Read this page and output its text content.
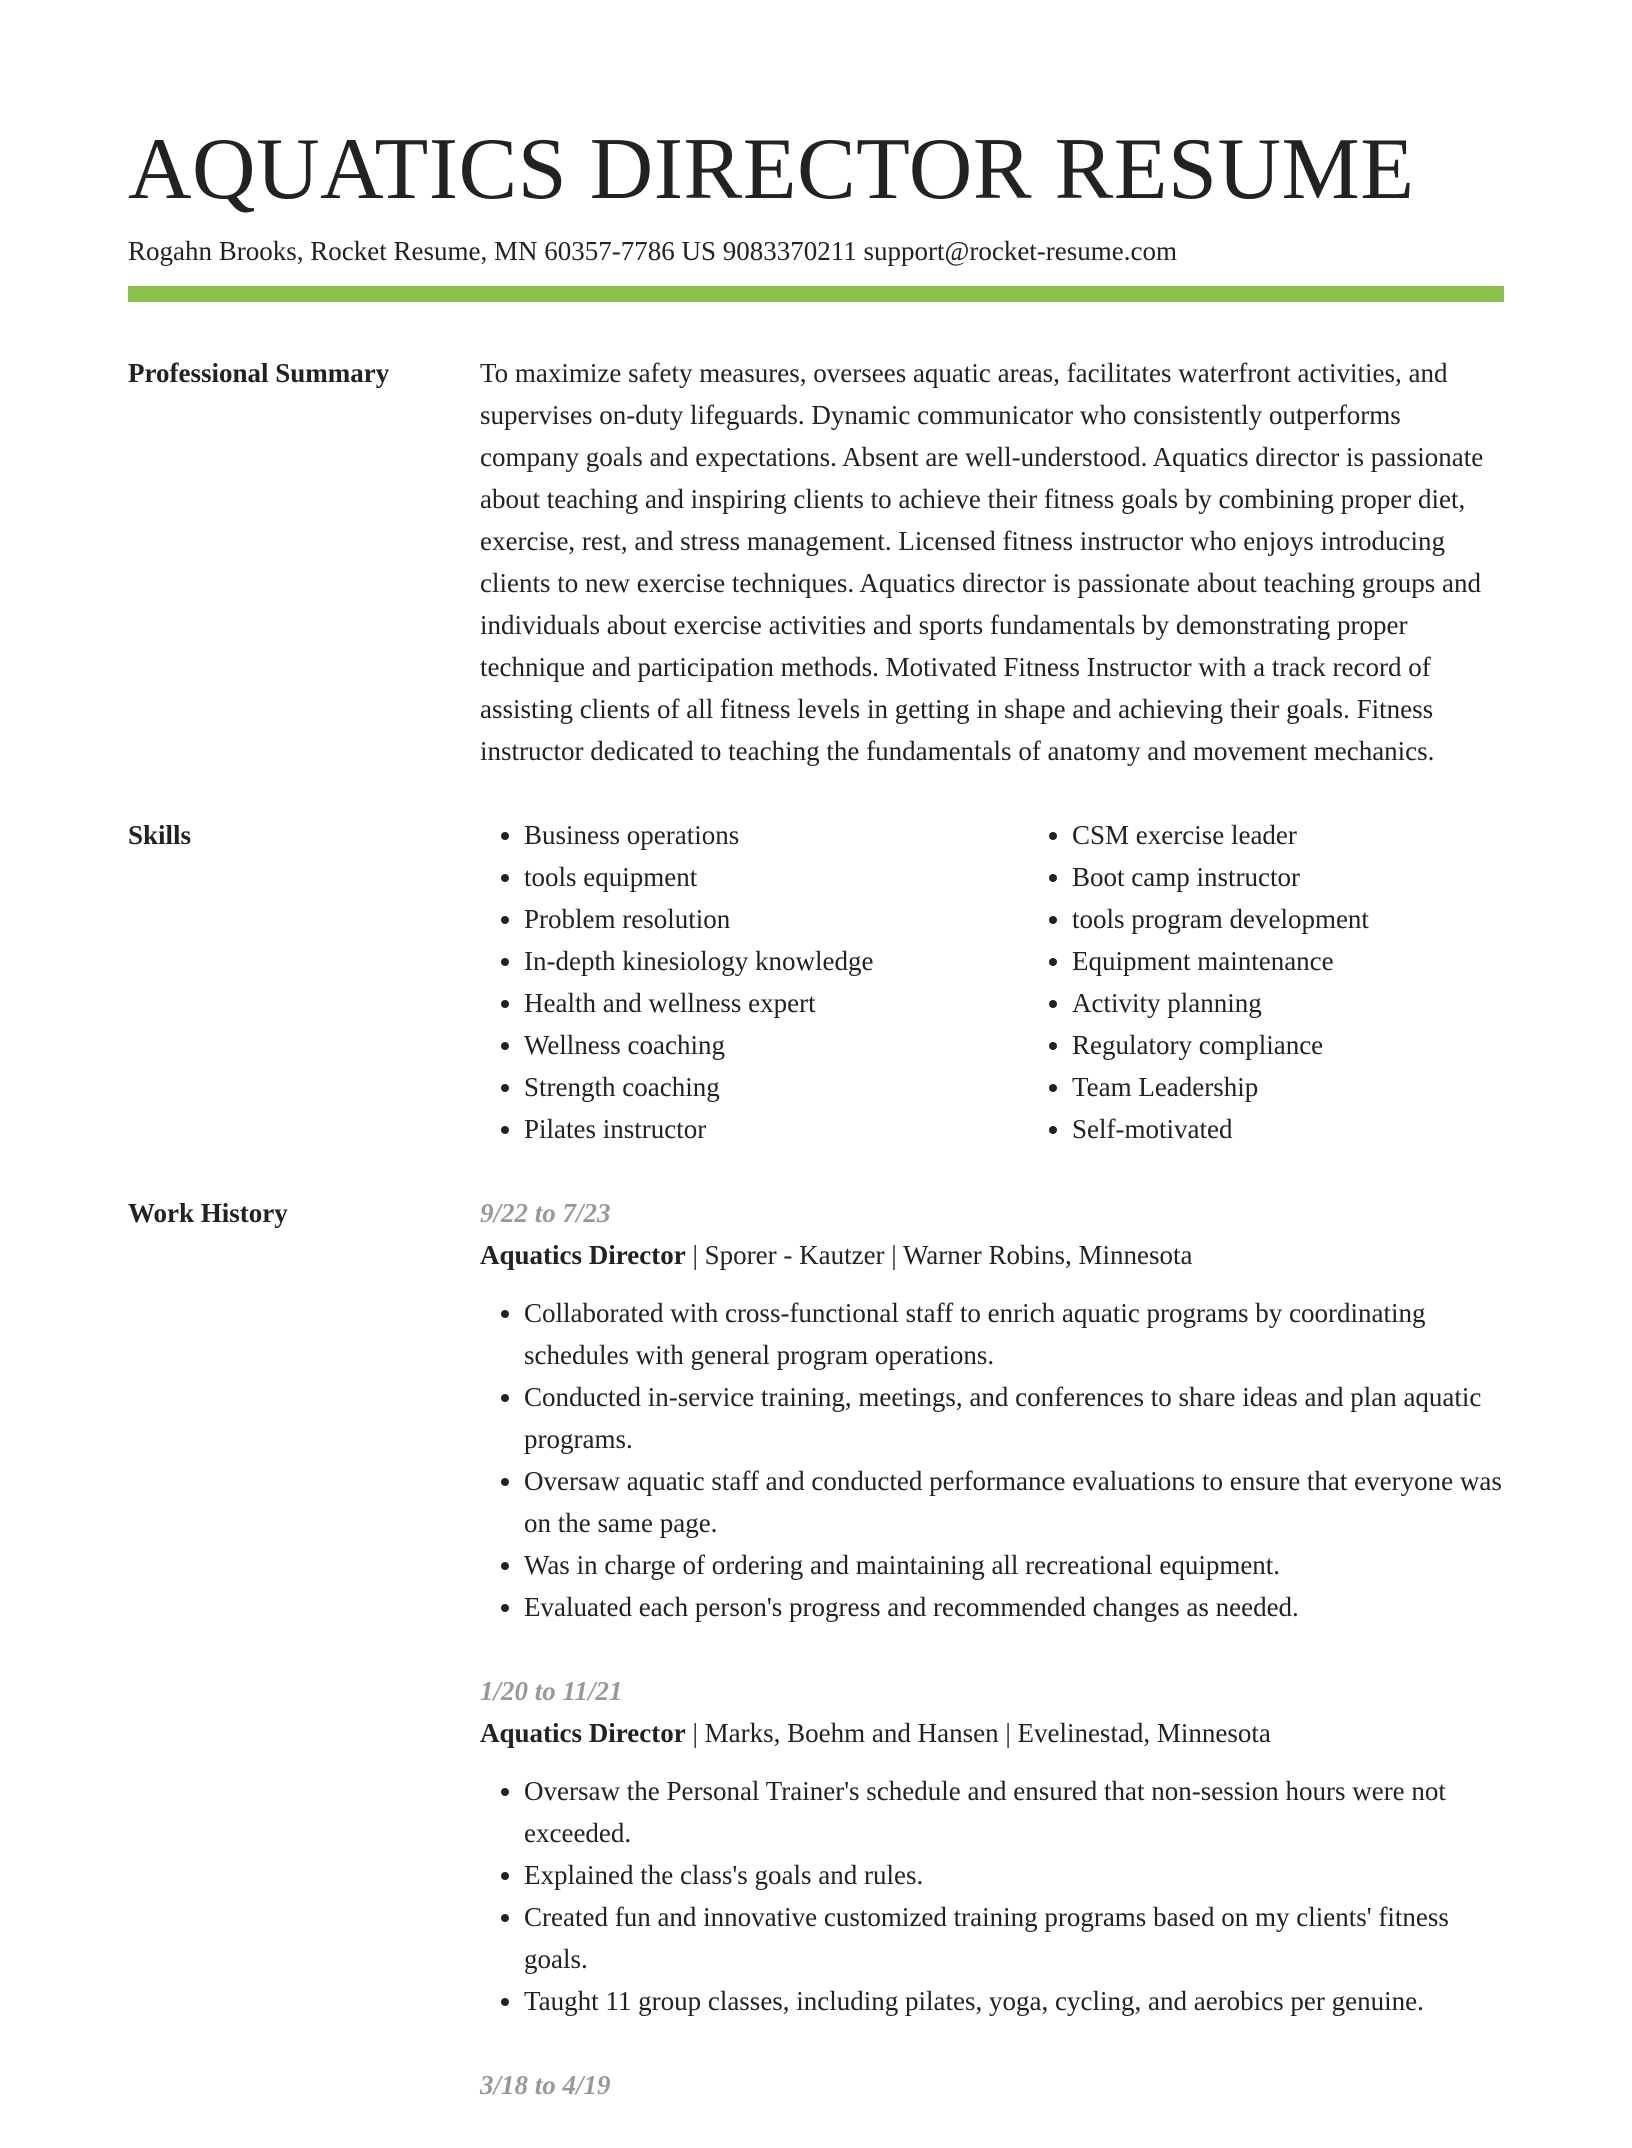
AQUATICS DIRECTOR RESUME
Rogahn Brooks, Rocket Resume, MN 60357-7786 US 9083370211 support@rocket-resume.com
Professional Summary	To maximize safety measures, oversees aquatic areas, facilitates waterfront activities, and supervises on-duty lifeguards. Dynamic communicator who consistently outperforms company goals and expectations. Absent are well-understood. Aquatics director is passionate about teaching and inspiring clients to achieve their fitness goals by combining proper diet, exercise, rest, and stress management. Licensed fitness instructor who enjoys introducing clients to new exercise techniques. Aquatics director is passionate about teaching groups and individuals about exercise activities and sports fundamentals by demonstrating proper technique and participation methods. Motivated Fitness Instructor with a track record of assisting clients of all fitness levels in getting in shape and achieving their goals. Fitness instructor dedicated to teaching the fundamentals of anatomy and movement mechanics.

Skills
•	Business operations
• tools equipment
• Problem resolution
• In-depth kinesiology knowledge
• Health and wellness expert
• Wellness coaching
• Strength coaching
• Pilates instructor
• CSM exercise leader
• Boot camp instructor
• tools program development
• Equipment maintenance
• Activity planning
• Regulatory compliance
• Team Leadership
• Self-motivated
Work History	9/22 to 7/23
Aquatics Director | Sporer - Kautzer | Warner Robins, Minnesota
• Collaborated with cross-functional staff to enrich aquatic programs by coordinating schedules with general program operations.
• Conducted in-service training, meetings, and conferences to share ideas and plan aquatic programs.
• Oversaw aquatic staff and conducted performance evaluations to ensure that everyone was on the same page.
• Was in charge of ordering and maintaining all recreational equipment.
• Evaluated each person's progress and recommended changes as needed.
1/20 to 11/21
Aquatics Director | Marks, Boehm and Hansen | Evelinestad, Minnesota
• Oversaw the Personal Trainer's schedule and ensured that non-session hours were not exceeded.
• Explained the class's goals and rules.
• Created fun and innovative customized training programs based on my clients' fitness goals.
• Taught 11 group classes, including pilates, yoga, cycling, and aerobics per genuine.
3/18 to 4/19
